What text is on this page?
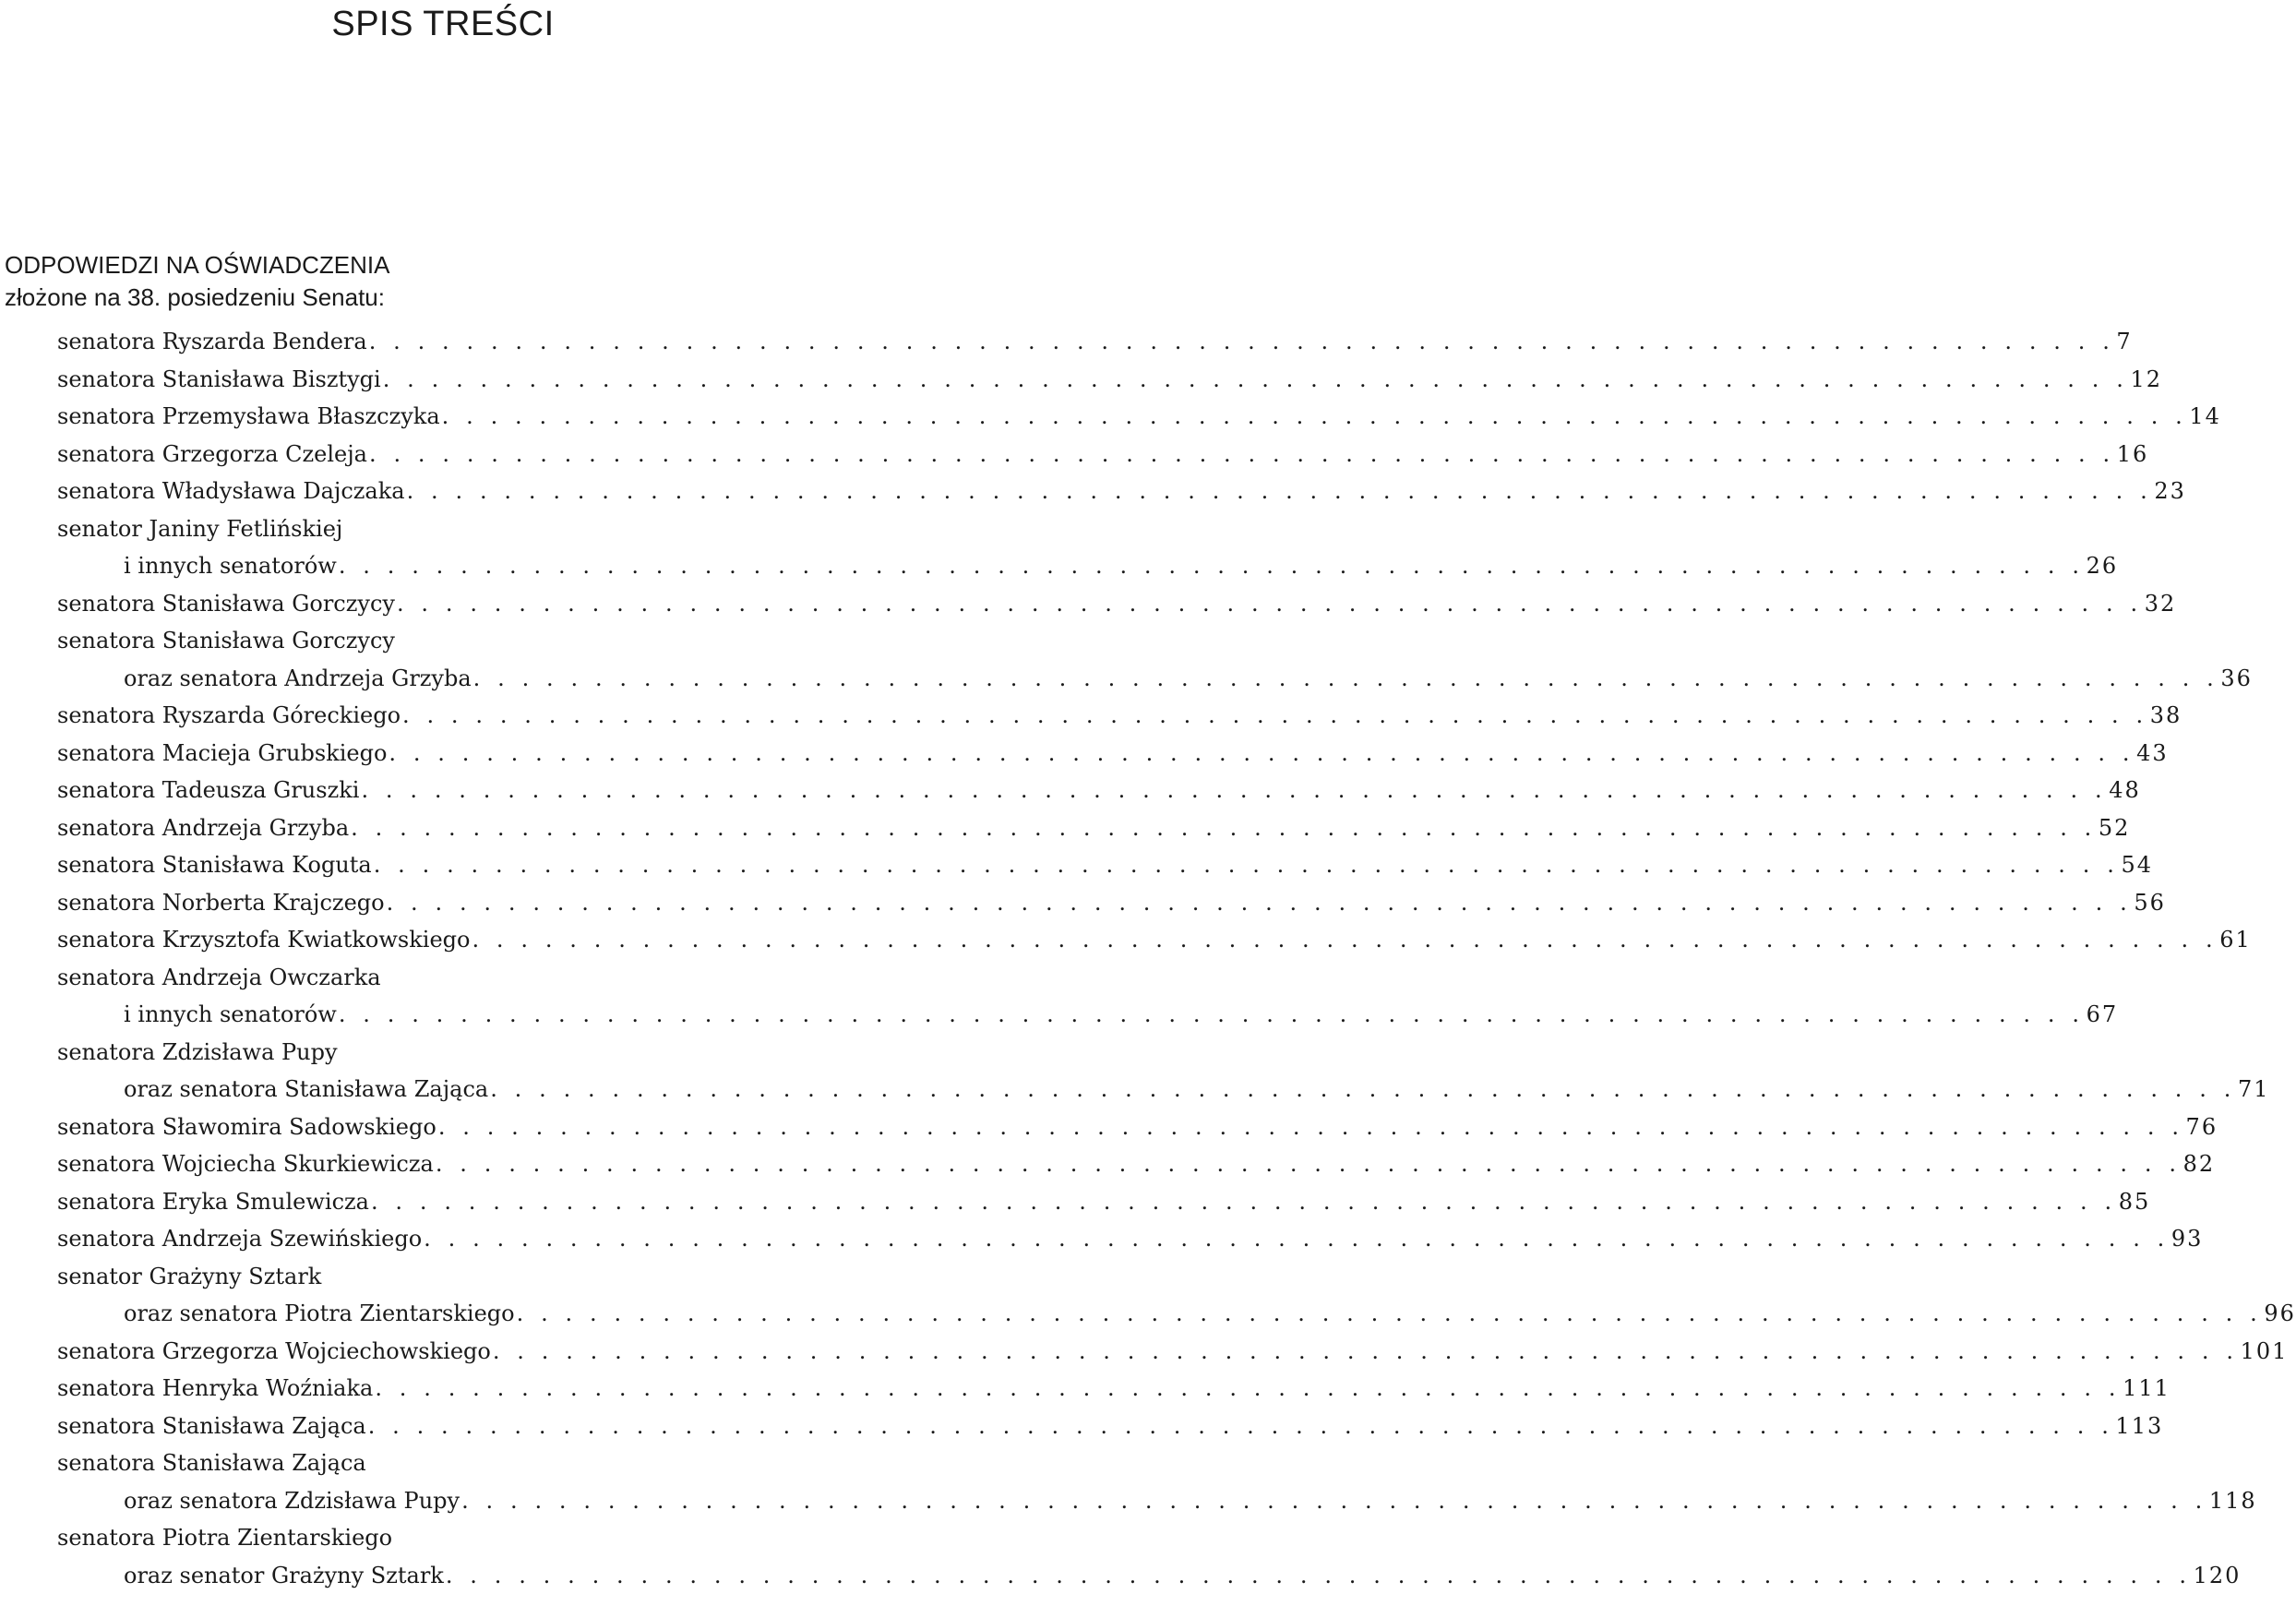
SPIS TREŚCI
ODPOWIEDZI NA OŚWIADCZENIA
złożone na 38. posiedzeniu Senatu:
senatora Ryszarda Bendera . . . . . . . . . . . . . . . . . . . . . . . . . . . . . . . . . . . . . . . . . . . . . . . . . . . . . . . . . . . . . . . . . . . . . . . . 7
senatora Stanisława Bisztygi . . . . . . . . . . . . . . . . . . . . . . . . . . . . . . . . . . . . . . . . . . . . . . . . . . . . . . . . . . . . . . . . . . . . . . . . 12
senatora Przemysława Błaszczyka . . . . . . . . . . . . . . . . . . . . . . . . . . . . . . . . . . . . . . . . . . . . . . . . . . . . . . . . . . . . . . . . . . . . . . . . 14
senatora Grzegorza Czeleja . . . . . . . . . . . . . . . . . . . . . . . . . . . . . . . . . . . . . . . . . . . . . . . . . . . . . . . . . . . . . . . . . . . . . . . . 16
senatora Władysława Dajczaka . . . . . . . . . . . . . . . . . . . . . . . . . . . . . . . . . . . . . . . . . . . . . . . . . . . . . . . . . . . . . . . . . . . . . . . . 23
senator Janiny Fetlińskiej
i innych senatorów . . . . . . . . . . . . . . . . . . . . . . . . . . . . . . . . . . . . . . . . . . . . . . . . . . . . . . . . . . . . . . . . . . . . . . . . 26
senatora Stanisława Gorczycy . . . . . . . . . . . . . . . . . . . . . . . . . . . . . . . . . . . . . . . . . . . . . . . . . . . . . . . . . . . . . . . . . . . . . . . . 32
senatora Stanisława Gorczycy
oraz senatora Andrzeja Grzyba . . . . . . . . . . . . . . . . . . . . . . . . . . . . . . . . . . . . . . . . . . . . . . . . . . . . . . . . . . . . . . . . . . . . . . . . 36
senatora Ryszarda Góreckiego . . . . . . . . . . . . . . . . . . . . . . . . . . . . . . . . . . . . . . . . . . . . . . . . . . . . . . . . . . . . . . . . . . . . . . . . 38
senatora Macieja Grubskiego . . . . . . . . . . . . . . . . . . . . . . . . . . . . . . . . . . . . . . . . . . . . . . . . . . . . . . . . . . . . . . . . . . . . . . . . 43
senatora Tadeusza Gruszki . . . . . . . . . . . . . . . . . . . . . . . . . . . . . . . . . . . . . . . . . . . . . . . . . . . . . . . . . . . . . . . . . . . . . . . . 48
senatora Andrzeja Grzyba . . . . . . . . . . . . . . . . . . . . . . . . . . . . . . . . . . . . . . . . . . . . . . . . . . . . . . . . . . . . . . . . . . . . . . . . 52
senatora Stanisława Koguta . . . . . . . . . . . . . . . . . . . . . . . . . . . . . . . . . . . . . . . . . . . . . . . . . . . . . . . . . . . . . . . . . . . . . . . . 54
senatora Norberta Krajczego . . . . . . . . . . . . . . . . . . . . . . . . . . . . . . . . . . . . . . . . . . . . . . . . . . . . . . . . . . . . . . . . . . . . . . . . 56
senatora Krzysztofa Kwiatkowskiego . . . . . . . . . . . . . . . . . . . . . . . . . . . . . . . . . . . . . . . . . . . . . . . . . . . . . . . . . . . . . . . . . . . . . . . . 61
senatora Andrzeja Owczarka
i innych senatorów . . . . . . . . . . . . . . . . . . . . . . . . . . . . . . . . . . . . . . . . . . . . . . . . . . . . . . . . . . . . . . . . . . . . . . . . 67
senatora Zdzisława Pupy
oraz senatora Stanisława Zająca . . . . . . . . . . . . . . . . . . . . . . . . . . . . . . . . . . . . . . . . . . . . . . . . . . . . . . . . . . . . . . . . . . . . . . . . 71
senatora Sławomira Sadowskiego . . . . . . . . . . . . . . . . . . . . . . . . . . . . . . . . . . . . . . . . . . . . . . . . . . . . . . . . . . . . . . . . . . . . . . . . 76
senatora Wojciecha Skurkiewicza . . . . . . . . . . . . . . . . . . . . . . . . . . . . . . . . . . . . . . . . . . . . . . . . . . . . . . . . . . . . . . . . . . . . . . . . 82
senatora Eryka Smulewicza . . . . . . . . . . . . . . . . . . . . . . . . . . . . . . . . . . . . . . . . . . . . . . . . . . . . . . . . . . . . . . . . . . . . . . . . 85
senatora Andrzeja Szewińskiego . . . . . . . . . . . . . . . . . . . . . . . . . . . . . . . . . . . . . . . . . . . . . . . . . . . . . . . . . . . . . . . . . . . . . . . . 93
senator Grażyny Sztark
oraz senatora Piotra Zientarskiego . . . . . . . . . . . . . . . . . . . . . . . . . . . . . . . . . . . . . . . . . . . . . . . . . . . . . . . . . . . . . . . . . . . . . . . . 96
senatora Grzegorza Wojciechowskiego . . . . . . . . . . . . . . . . . . . . . . . . . . . . . . . . . . . . . . . . . . . . . . . . . . . . . . . . . . . . . . . . . . . . . . . . 101
senatora Henryka Woźniaka . . . . . . . . . . . . . . . . . . . . . . . . . . . . . . . . . . . . . . . . . . . . . . . . . . . . . . . . . . . . . . . . . . . . . . . . 111
senatora Stanisława Zająca . . . . . . . . . . . . . . . . . . . . . . . . . . . . . . . . . . . . . . . . . . . . . . . . . . . . . . . . . . . . . . . . . . . . . . . . 113
senatora Stanisława Zająca
oraz senatora Zdzisława Pupy . . . . . . . . . . . . . . . . . . . . . . . . . . . . . . . . . . . . . . . . . . . . . . . . . . . . . . . . . . . . . . . . . . . . . . . . 118
senatora Piotra Zientarskiego
oraz senator Grażyny Sztark . . . . . . . . . . . . . . . . . . . . . . . . . . . . . . . . . . . . . . . . . . . . . . . . . . . . . . . . . . . . . . . . . . . . . . . . 120
